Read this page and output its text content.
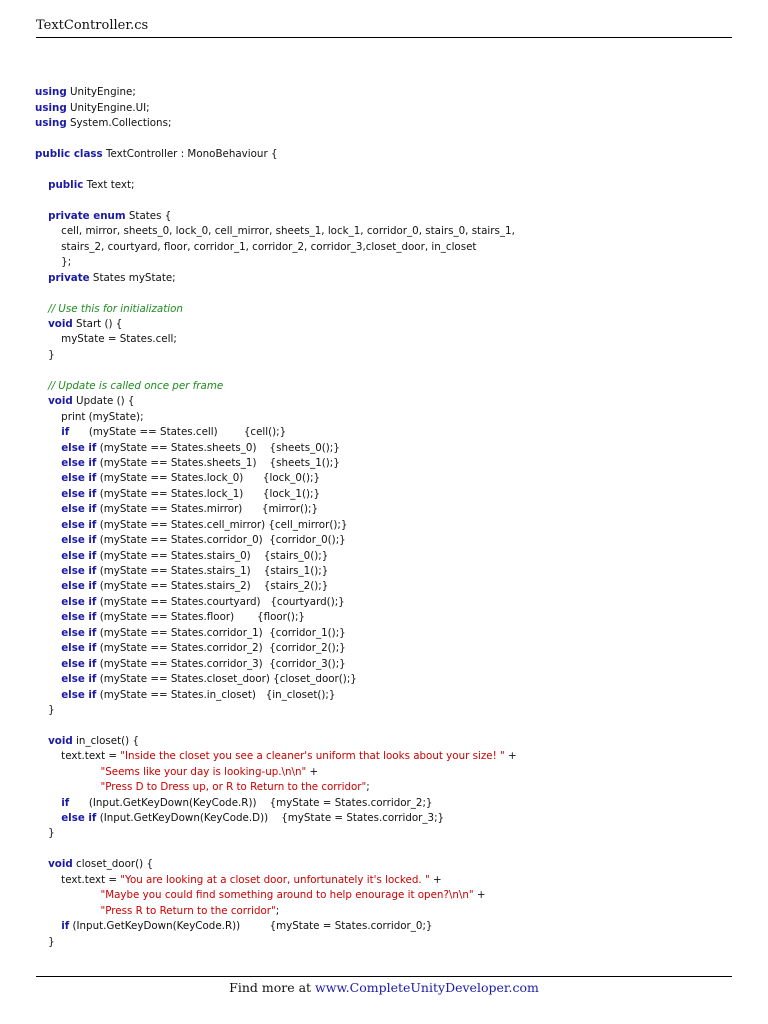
TextController.cs
using UnityEngine;
using UnityEngine.UI;
using System.Collections;
public class TextController : MonoBehaviour {
public Text text;
private enum States {
cell, mirror, sheets_0, lock_0, cell_mirror, sheets_1, lock_1, corridor_0, stairs_0, stairs_1,
stairs_2, courtyard, floor, corridor_1, corridor_2, corridor_3,closet_door, in_closet
};
private States myState;
// Use this for initialization
void Start () {
myState = States.cell;
}
// Update is called once per frame
void Update () {
print (myState);
if      (myState == States.cell)        {cell();}
else if (myState == States.sheets_0)    {sheets_0();}
else if (myState == States.sheets_1)    {sheets_1();}
else if (myState == States.lock_0)      {lock_0();}
else if (myState == States.lock_1)      {lock_1();}
else if (myState == States.mirror)      {mirror();}
else if (myState == States.cell_mirror) {cell_mirror();}
else if (myState == States.corridor_0)  {corridor_0();}
else if (myState == States.stairs_0)    {stairs_0();}
else if (myState == States.stairs_1)    {stairs_1();}
else if (myState == States.stairs_2)    {stairs_2();}
else if (myState == States.courtyard)   {courtyard();}
else if (myState == States.floor)       {floor();}
else if (myState == States.corridor_1)  {corridor_1();}
else if (myState == States.corridor_2)  {corridor_2();}
else if (myState == States.corridor_3)  {corridor_3();}
else if (myState == States.closet_door) {closet_door();}
else if (myState == States.in_closet)   {in_closet();}
}
void in_closet() {
text.text = "Inside the closet you see a cleaner's uniform that looks about your size! " +
"Seems like your day is looking-up.\n\n" +
"Press D to Dress up, or R to Return to the corridor";
if      (Input.GetKeyDown(KeyCode.R))    {myState = States.corridor_2;}
else if (Input.GetKeyDown(KeyCode.D))    {myState = States.corridor_3;}
}
void closet_door() {
text.text = "You are looking at a closet door, unfortunately it's locked. " +
"Maybe you could find something around to help enourage it open?\n\n" +
"Press R to Return to the corridor";
if (Input.GetKeyDown(KeyCode.R))         {myState = States.corridor_0;}
}
Find more at www.CompleteUnityDeveloper.com
